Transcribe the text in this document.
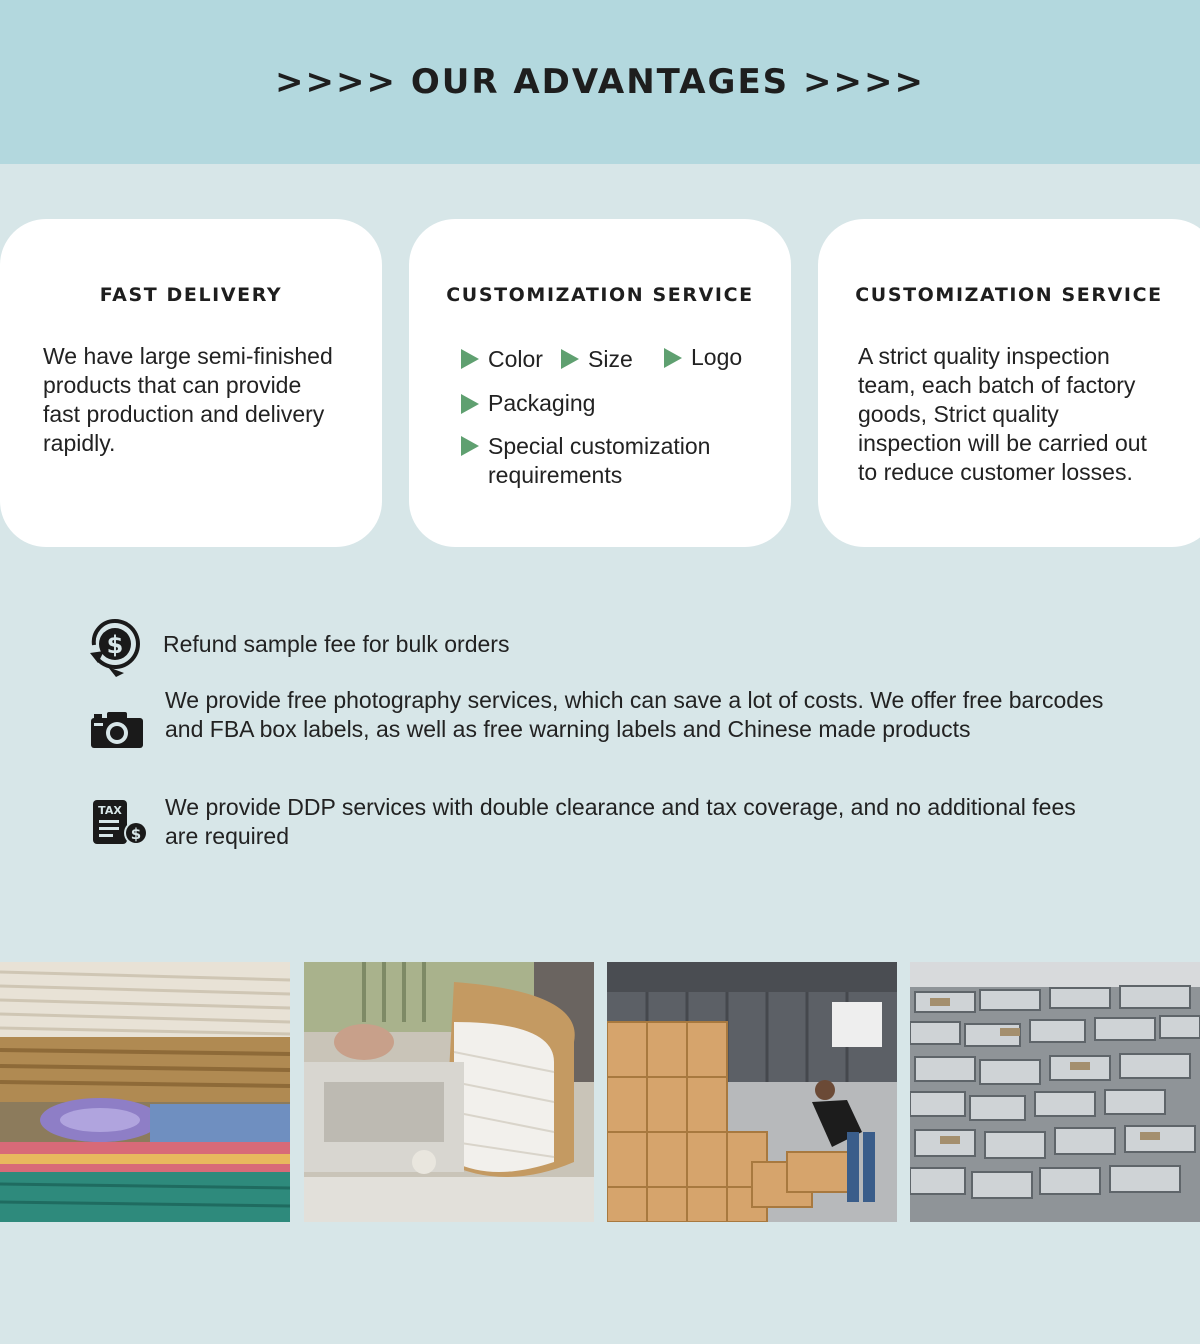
>>>> OUR ADVANTAGES >>>>
FAST DELIVERY
We have large semi-finished products that can provide fast production and delivery rapidly.
CUSTOMIZATION SERVICE
Color Size	Logo
Packaging
Special customization requirements
CUSTOMIZATION SERVICE
A strict quality inspection team, each batch of factory goods, Strict quality inspection will be carried out to reduce customer losses.
$ Refund sample fee for bulk orders
We provide free photography services, which can save a lot of costs. We offer free barcodes and FBA box labels, as well as free warning labels and Chinese made products
TAX
$
We provide DDP services with double clearance and tax coverage, and no additional fees are required
